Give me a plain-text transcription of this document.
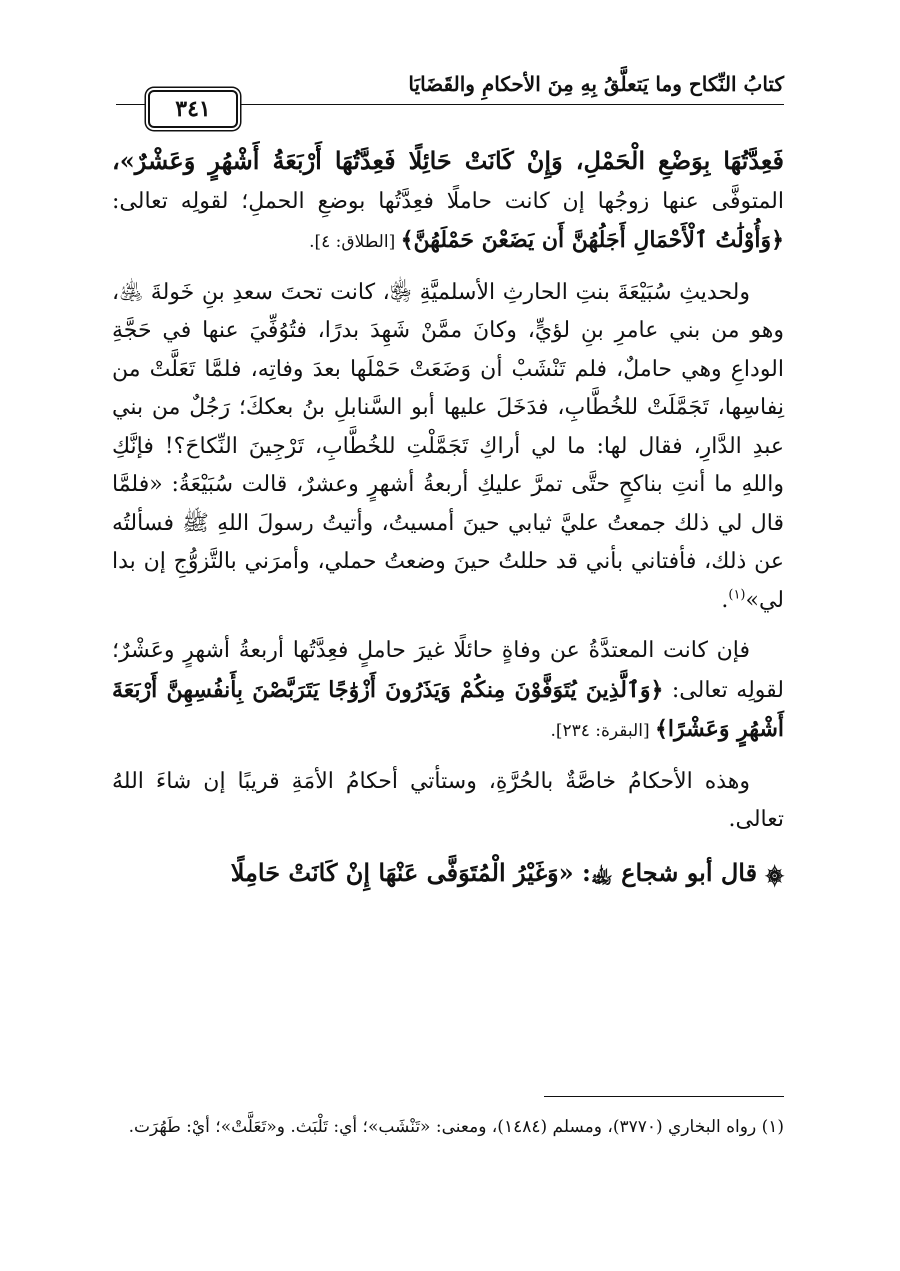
كتابُ النِّكاح وما يَتعلَّقُ بِهِ مِنَ الأحكامِ والقَضَايَا
٣٤١

فَعِدَّتُهَا بِوَضْعِ الْحَمْلِ، وَإِنْ كَانَتْ حَائِلًا فَعِدَّتُهَا أَرْبَعَةُ أَشْهُرٍ وَعَشْرٌ»، المتوفَّى عنها زوجُها إن كانت حاملًا فعِدَّتُها بوضعِ الحملِ؛ لقولِه تعالى: ﴿وَأُوْلَٰتُ ٱلْأَحْمَالِ أَجَلُهُنَّ أَن يَضَعْنَ حَمْلَهُنَّ﴾ [الطلاق: ٤].

ولحديثِ سُبَيْعَةَ بنتِ الحارثِ الأسلميَّةِ ﵂، كانت تحتَ سعدِ بنِ خَولةَ ﵁، وهو من بني عامرِ بنِ لؤيٍّ، وكانَ ممَّنْ شَهِدَ بدرًا، فتُوُفِّيَ عنها في حَجَّةِ الوداعِ وهي حاملٌ، فلم تَنْشَبْ أن وَضَعَتْ حَمْلَها بعدَ وفاتِه، فلمَّا تَعَلَّتْ من نِفاسِها، تَجَمَّلَتْ للخُطَّابِ، فدَخَلَ عليها أبو السَّنابلِ بنُ بعككَ؛ رَجُلٌ من بني عبدِ الدَّارِ، فقال لها: ما لي أراكِ تَجَمَّلْتِ للخُطَّابِ، تَرْجِينَ النِّكاحَ؟! فإنَّكِ واللهِ ما أنتِ بناكحٍ حتَّى تمرَّ عليكِ أربعةُ أشهرٍ وعشرٌ، قالت سُبَيْعَةُ: «فلمَّا قال لي ذلك جمعتُ عليَّ ثيابي حينَ أمسيتُ، وأتيتُ رسولَ اللهِ ﷺ فسألتُه عن ذلك، فأفتاني بأني قد حللتُ حينَ وضعتُ حملي، وأمرَني بالتَّزوُّجِ إن بدا لي»$^{(١)}$.

فإن كانت المعتدَّةُ عن وفاةٍ حائلًا غيرَ حاملٍ فعِدَّتُها أربعةُ أشهرٍ وعَشْرٌ؛ لقولِه تعالى: ﴿وَٱلَّذِينَ يُتَوَفَّوْنَ مِنكُمْ وَيَذَرُونَ أَزْوَٰجًا يَتَرَبَّصْنَ بِأَنفُسِهِنَّ أَرْبَعَةَ أَشْهُرٍ وَعَشْرًا﴾ [البقرة: ٢٣٤].

وهذه الأحكامُ خاصَّةٌ بالحُرَّةِ، وستأتي أحكامُ الأمَةِ قريبًا إن شاءَ اللهُ تعالى.

۞ قال أبو شجاع ﵀: «وَغَيْرُ الْمُتَوَفَّى عَنْهَا إِنْ كَانَتْ حَامِلًا

(١) رواه البخاري (٣٧٧٠)، ومسلم (١٤٨٤)، ومعنى: «تَنْشَب»؛ أي: تَلْبَث. و«تَعَلَّتْ»؛ أيْ: طَهُرَت.
